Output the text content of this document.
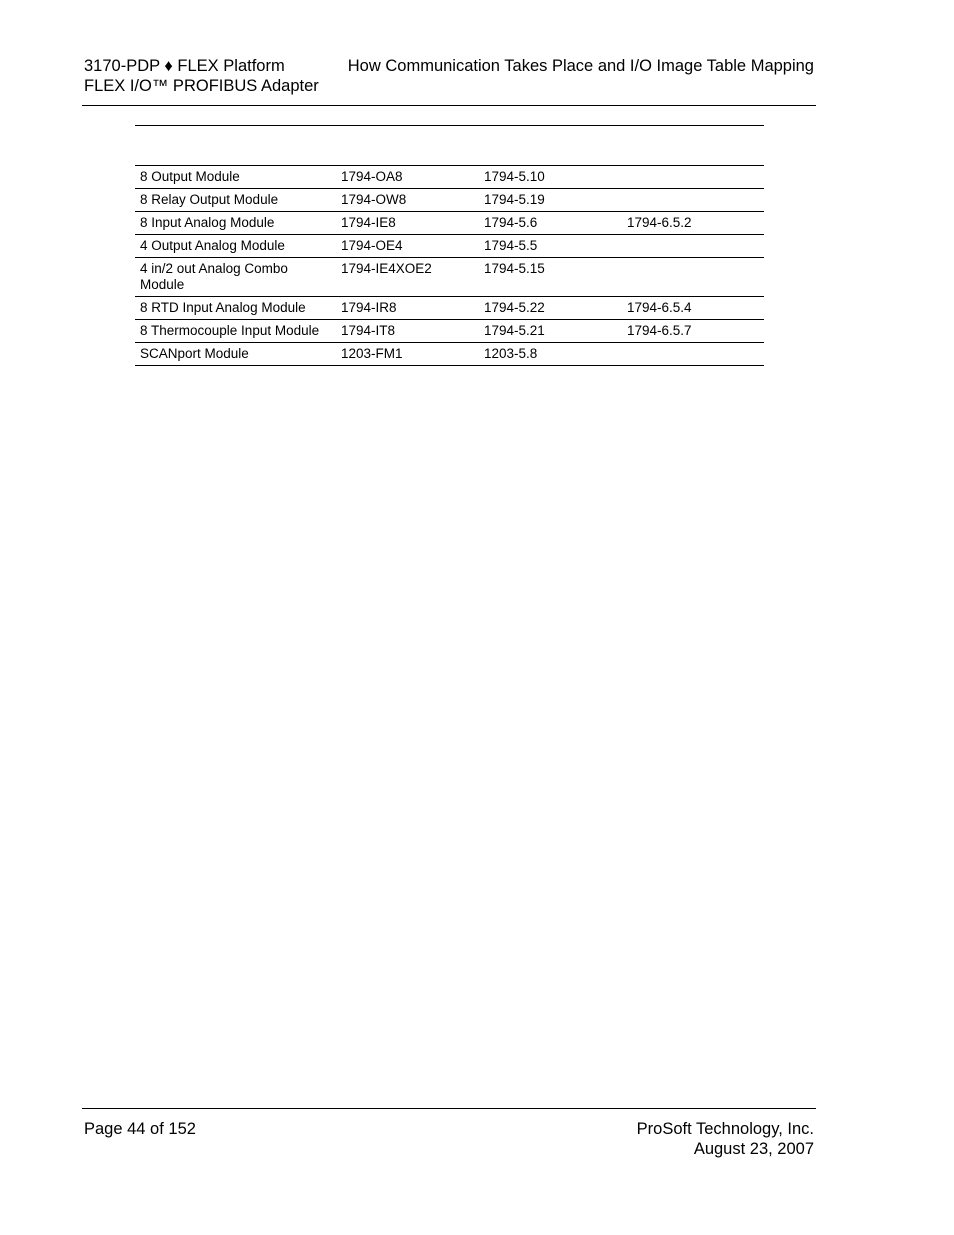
3170-PDP ♦ FLEX Platform
FLEX I/O™ PROFIBUS Adapter
How Communication Takes Place and I/O Image Table Mapping
8 Output Module	1794-OA8	1794-5.10	
8 Relay Output Module	1794-OW8	1794-5.19	
8 Input Analog Module	1794-IE8	1794-5.6	1794-6.5.2
4 Output Analog Module	1794-OE4	1794-5.5	
4 in/2 out Analog Combo Module	1794-IE4XOE2	1794-5.15	
8 RTD Input Analog Module	1794-IR8	1794-5.22	1794-6.5.4
8 Thermocouple Input Module	1794-IT8	1794-5.21	1794-6.5.7
SCANport Module	1203-FM1	1203-5.8	
Page 44 of 152	ProSoft Technology, Inc.
August 23, 2007
